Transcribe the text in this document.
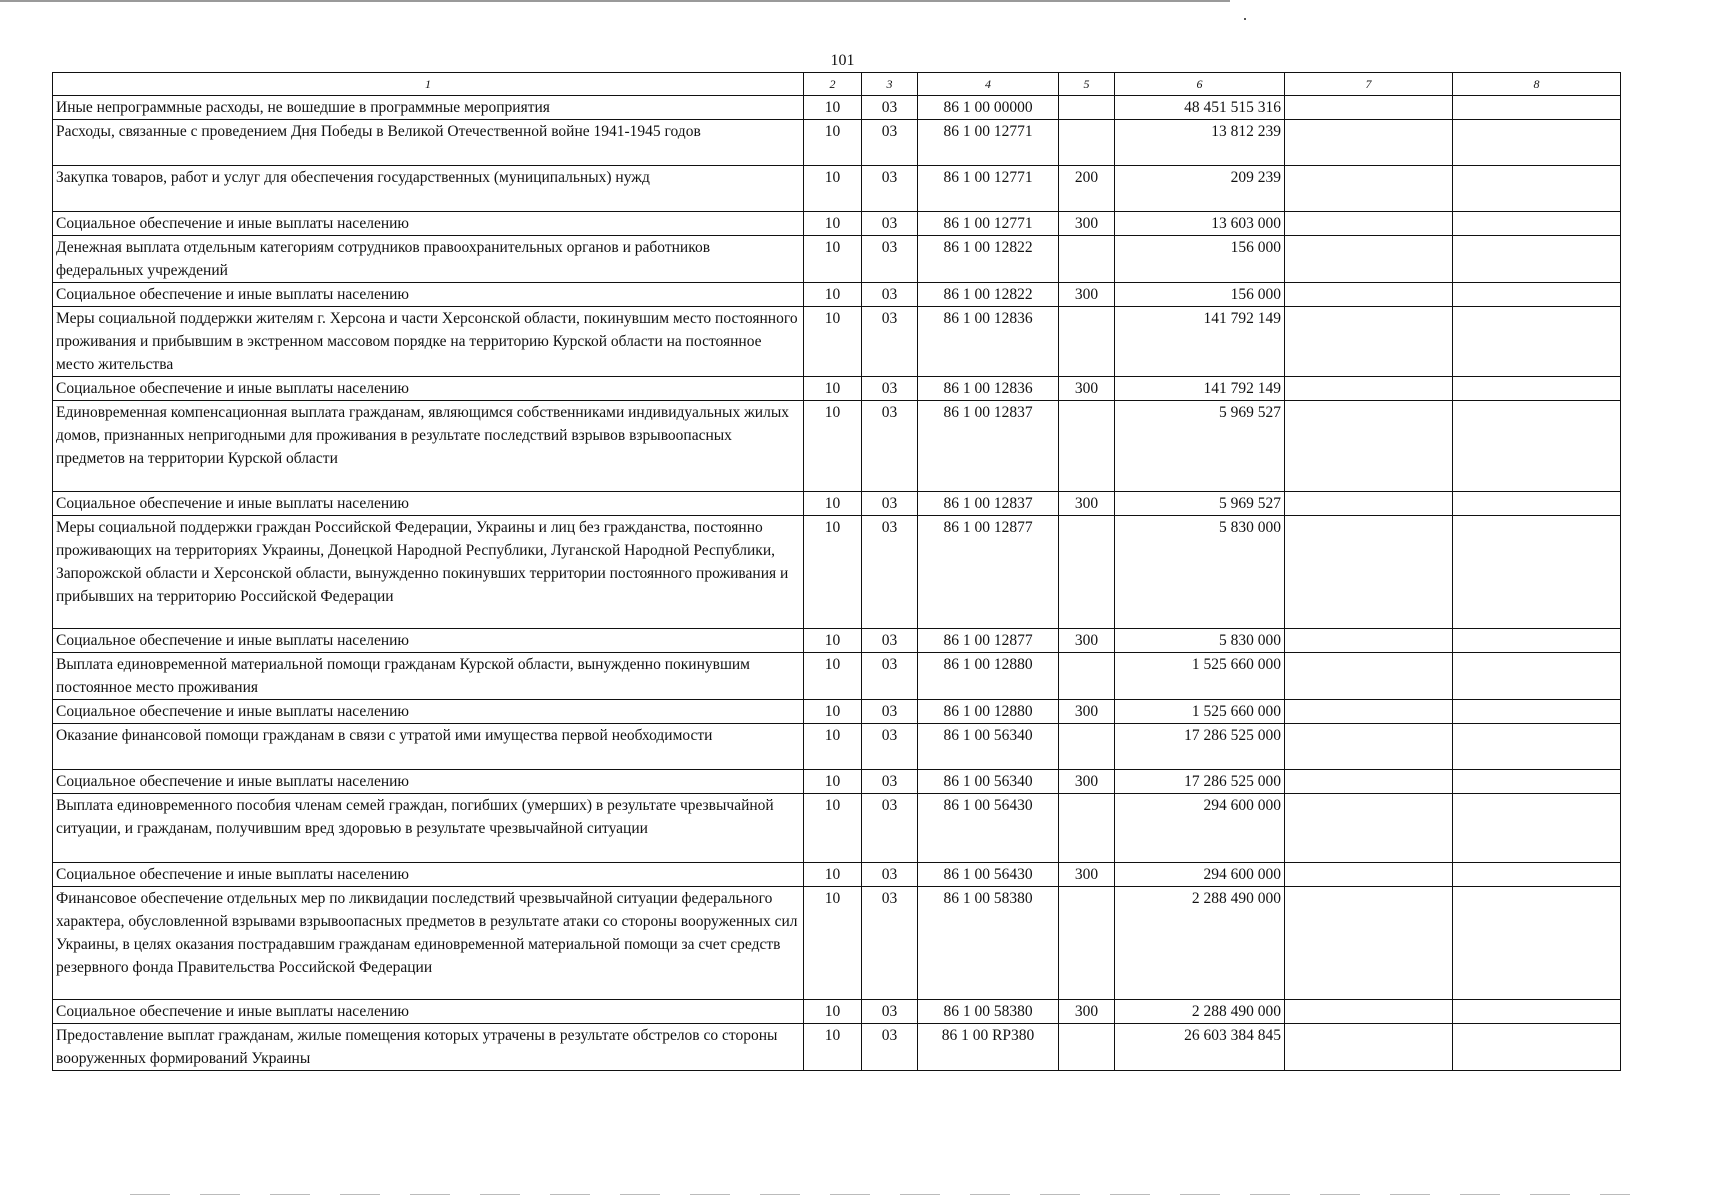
101
1	2	3	4	5	6	7	8
Иные непрограммные расходы, не вошедшие в программные мероприятия	10	03	86 1 00 00000		48 451 515 316		
Расходы, связанные с проведением Дня Победы в Великой Отечественной войне 1941-1945 годов	10	03	86 1 00 12771		13 812 239		
Закупка товаров, работ и услуг для обеспечения государственных (муниципальных) нужд	10	03	86 1 00 12771	200	209 239		
Социальное обеспечение и иные выплаты населению	10	03	86 1 00 12771	300	13 603 000		
Денежная выплата отдельным категориям сотрудников правоохранительных органов и работников федеральных учреждений	10	03	86 1 00 12822		156 000		
Социальное обеспечение и иные выплаты населению	10	03	86 1 00 12822	300	156 000		
Меры социальной поддержки жителям г. Херсона и части Херсонской области, покинувшим место постоянного проживания и прибывшим в экстренном массовом порядке на территорию Курской области на постоянное место жительства	10	03	86 1 00 12836		141 792 149		
Социальное обеспечение и иные выплаты населению	10	03	86 1 00 12836	300	141 792 149		
Единовременная компенсационная выплата гражданам, являющимся собственниками индивидуальных жилых домов, признанных непригодными для проживания в результате последствий взрывов взрывоопасных предметов на территории Курской области	10	03	86 1 00 12837		5 969 527		
Социальное обеспечение и иные выплаты населению	10	03	86 1 00 12837	300	5 969 527		
Меры социальной поддержки граждан Российской Федерации, Украины и лиц без гражданства, постоянно проживающих на территориях Украины, Донецкой Народной Республики, Луганской Народной Республики, Запорожской области и Херсонской области, вынужденно покинувших территории постоянного проживания и прибывших на территорию Российской Федерации	10	03	86 1 00 12877		5 830 000		
Социальное обеспечение и иные выплаты населению	10	03	86 1 00 12877	300	5 830 000		
Выплата единовременной материальной помощи гражданам Курской области, вынужденно покинувшим постоянное место проживания	10	03	86 1 00 12880		1 525 660 000		
Социальное обеспечение и иные выплаты населению	10	03	86 1 00 12880	300	1 525 660 000		
Оказание финансовой помощи гражданам в связи с утратой ими имущества первой необходимости	10	03	86 1 00 56340		17 286 525 000		
Социальное обеспечение и иные выплаты населению	10	03	86 1 00 56340	300	17 286 525 000		
Выплата единовременного пособия членам семей граждан, погибших (умерших) в результате чрезвычайной ситуации, и гражданам, получившим вред здоровью в результате чрезвычайной ситуации	10	03	86 1 00 56430		294 600 000		
Социальное обеспечение и иные выплаты населению	10	03	86 1 00 56430	300	294 600 000		
Финансовое обеспечение отдельных мер по ликвидации последствий чрезвычайной ситуации федерального характера, обусловленной взрывами взрывоопасных предметов в результате атаки со стороны вооруженных сил Украины, в целях оказания пострадавшим гражданам единовременной материальной помощи за счет средств резервного фонда Правительства Российской Федерации	10	03	86 1 00 58380		2 288 490 000		
Социальное обеспечение и иные выплаты населению	10	03	86 1 00 58380	300	2 288 490 000		
Предоставление выплат гражданам, жилые помещения которых утрачены в результате обстрелов со стороны вооруженных формирований Украины	10	03	86 1 00 RP380		26 603 384 845		
